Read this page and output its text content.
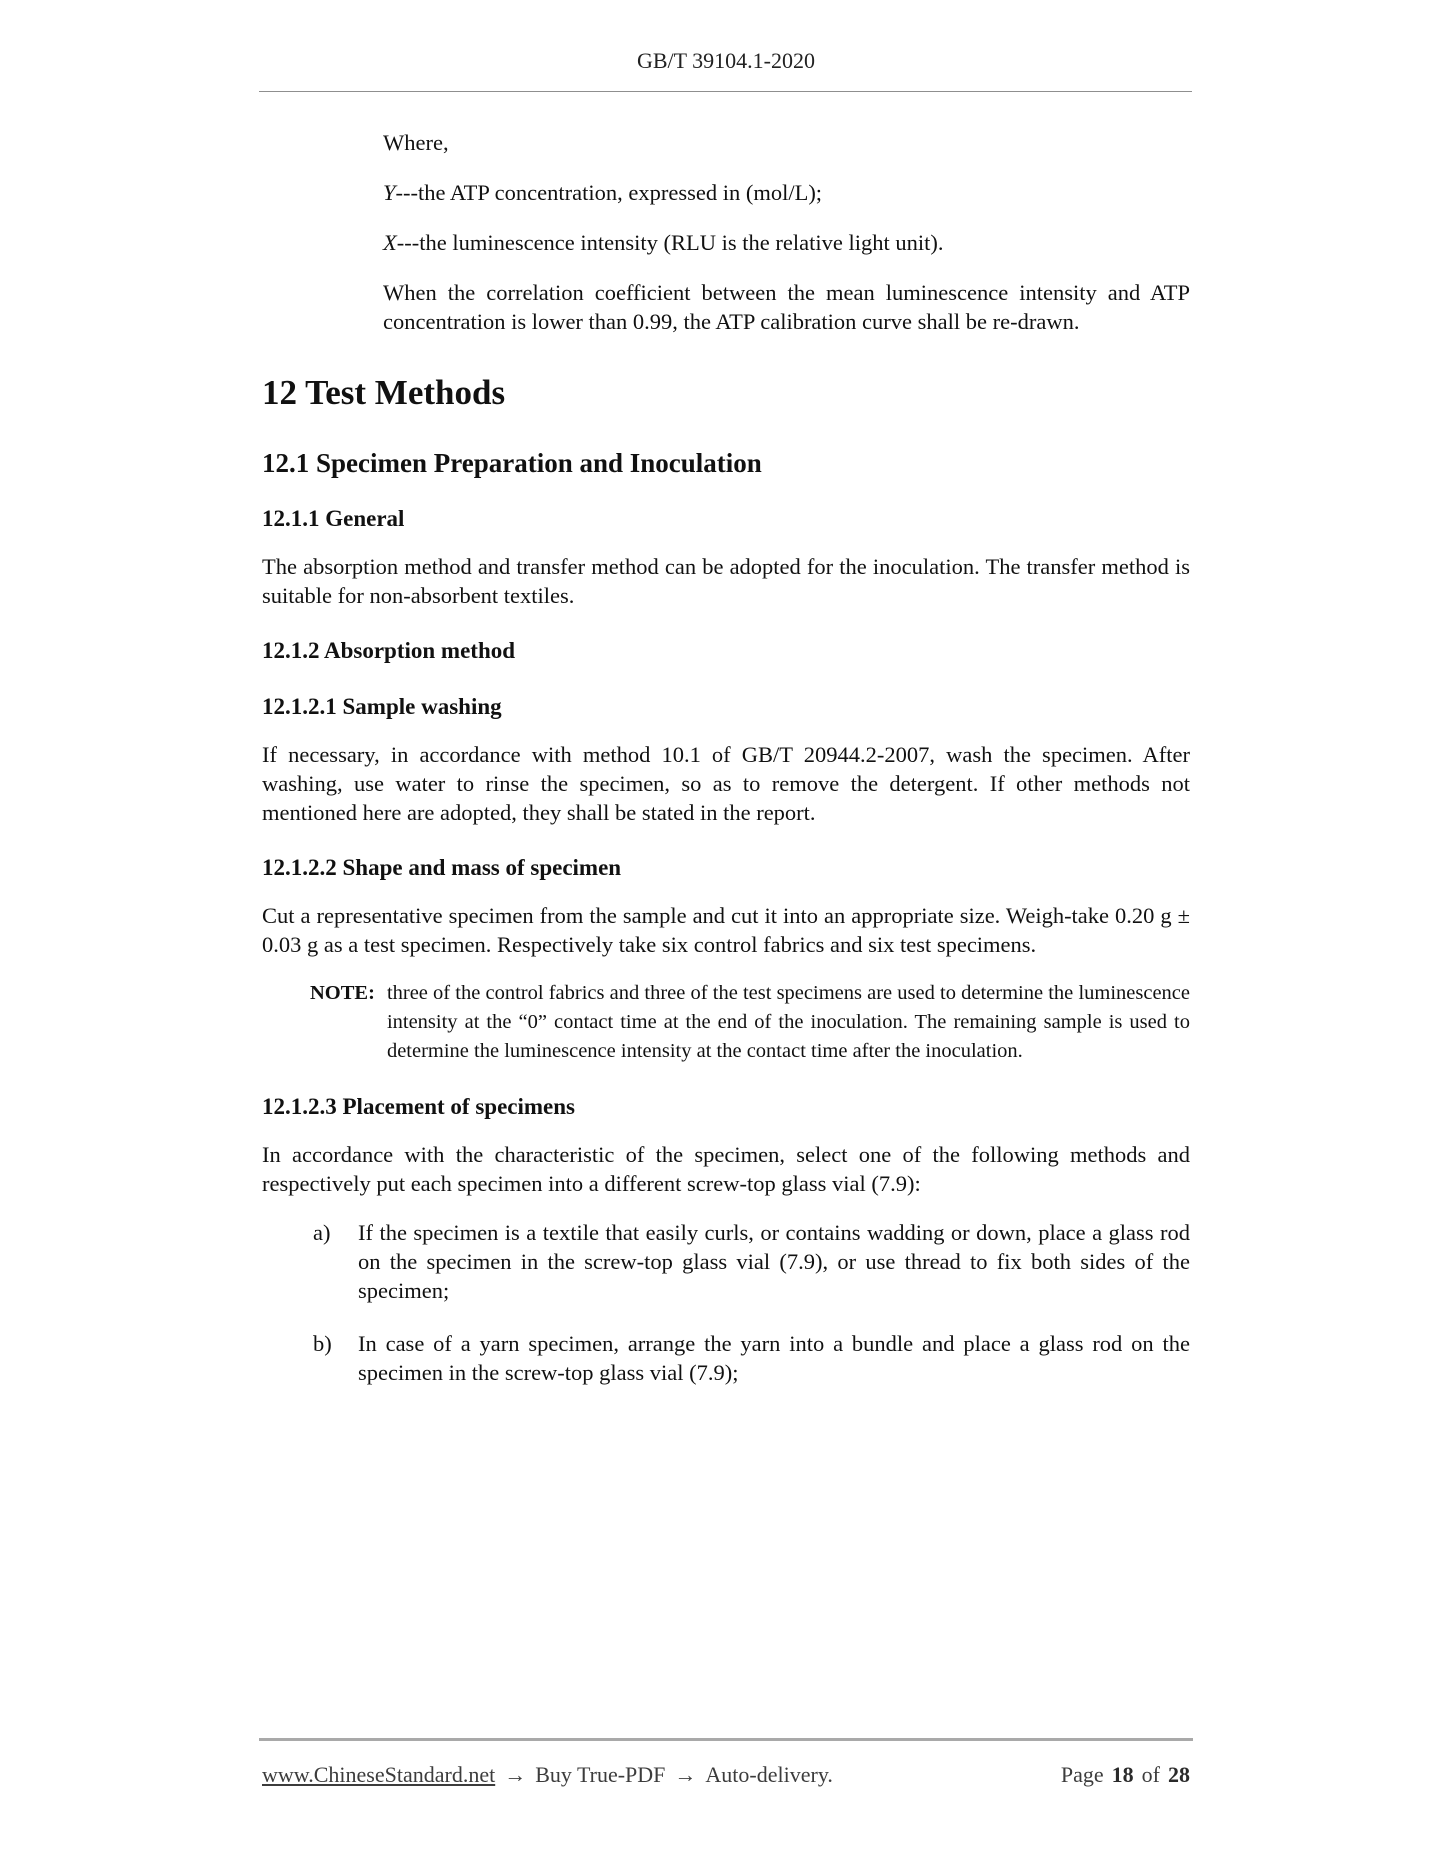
GB/T 39104.1-2020

Where,

Y---the ATP concentration, expressed in (mol/L);

X---the luminescence intensity (RLU is the relative light unit).

When the correlation coefficient between the mean luminescence intensity and ATP concentration is lower than 0.99, the ATP calibration curve shall be re-drawn.

12 Test Methods
12.1 Specimen Preparation and Inoculation
12.1.1 General

The absorption method and transfer method can be adopted for the inoculation. The transfer method is suitable for non-absorbent textiles.

12.1.2 Absorption method
12.1.2.1 Sample washing

If necessary, in accordance with method 10.1 of GB/T 20944.2-2007, wash the specimen. After washing, use water to rinse the specimen, so as to remove the detergent. If other methods not mentioned here are adopted, they shall be stated in the report.

12.1.2.2 Shape and mass of specimen

Cut a representative specimen from the sample and cut it into an appropriate size. Weigh-take 0.20 g ± 0.03 g as a test specimen. Respectively take six control fabrics and six test specimens.

NOTE: three of the control fabrics and three of the test specimens are used to determine the luminescence intensity at the “0” contact time at the end of the inoculation. The remaining sample is used to determine the luminescence intensity at the contact time after the inoculation.
12.1.2.3 Placement of specimens

In accordance with the characteristic of the specimen, select one of the following methods and respectively put each specimen into a different screw-top glass vial (7.9):

a)	If the specimen is a textile that easily curls, or contains wadding or down, place a glass rod on the specimen in the screw-top glass vial (7.9), or use thread to fix both sides of the specimen;
b)	In case of a yarn specimen, arrange the yarn into a bundle and place a glass rod on the specimen in the screw-top glass vial (7.9);
www.ChineseStandard.net → Buy True-PDF → Auto-delivery.	Page 18 of 28
